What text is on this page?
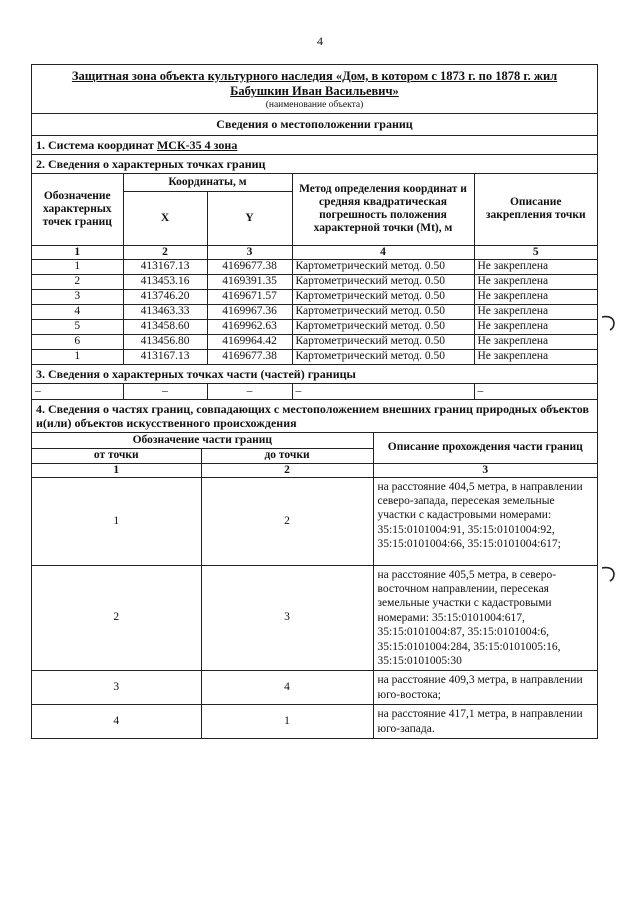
4
Защитная зона объекта культурного наследия «Дом, в котором с 1873 г. по 1878 г. жил
Бабушкин Иван Васильевич»
(наименование объекта)
Сведения о местоположении границ
1. Система координат МСК-35 4 зона
2. Сведения о характерных точках границ
Обозначение характерных точек границ	Координаты, м		Метод определения координат и средняя квадратическая погрешность положения характерной точки (Mt), м	Описание закрепления точки
	X	Y		
1	2	3	4	5
1	413167.13	4169677.38	Картометрический метод. 0.50	Не закреплена
2	413453.16	4169391.35	Картометрический метод. 0.50	Не закреплена
3	413746.20	4169671.57	Картометрический метод. 0.50	Не закреплена
4	413463.33	4169967.36	Картометрический метод. 0.50	Не закреплена
5	413458.60	4169962.63	Картометрический метод. 0.50	Не закреплена
6	413456.80	4169964.42	Картометрический метод. 0.50	Не закреплена
1	413167.13	4169677.38	Картометрический метод. 0.50	Не закреплена
3. Сведения о характерных точках части (частей) границы
–	–	–	–	–
4. Сведения о частях границ, совпадающих с местоположением внешних границ природных объектов и(или) объектов искусственного происхождения
Обозначение части границ		Описание прохождения части границ
от точки	до точки	
1	2	3
1	2	на расстояние 404,5 метра, в направлении северо-запада, пересекая земельные участки с кадастровыми номерами: 35:15:0101004:91, 35:15:0101004:92, 35:15:0101004:66, 35:15:0101004:617;
2	3	на расстояние 405,5 метра, в северо-восточном направлении, пересекая земельные участки с кадастровыми номерами: 35:15:0101004:617, 35:15:0101004:87, 35:15:0101004:6, 35:15:0101004:284, 35:15:0101005:16, 35:15:0101005:30
3	4	на расстояние 409,3 метра, в направлении юго-востока;
4	1	на расстояние 417,1 метра, в направлении юго-запада.
